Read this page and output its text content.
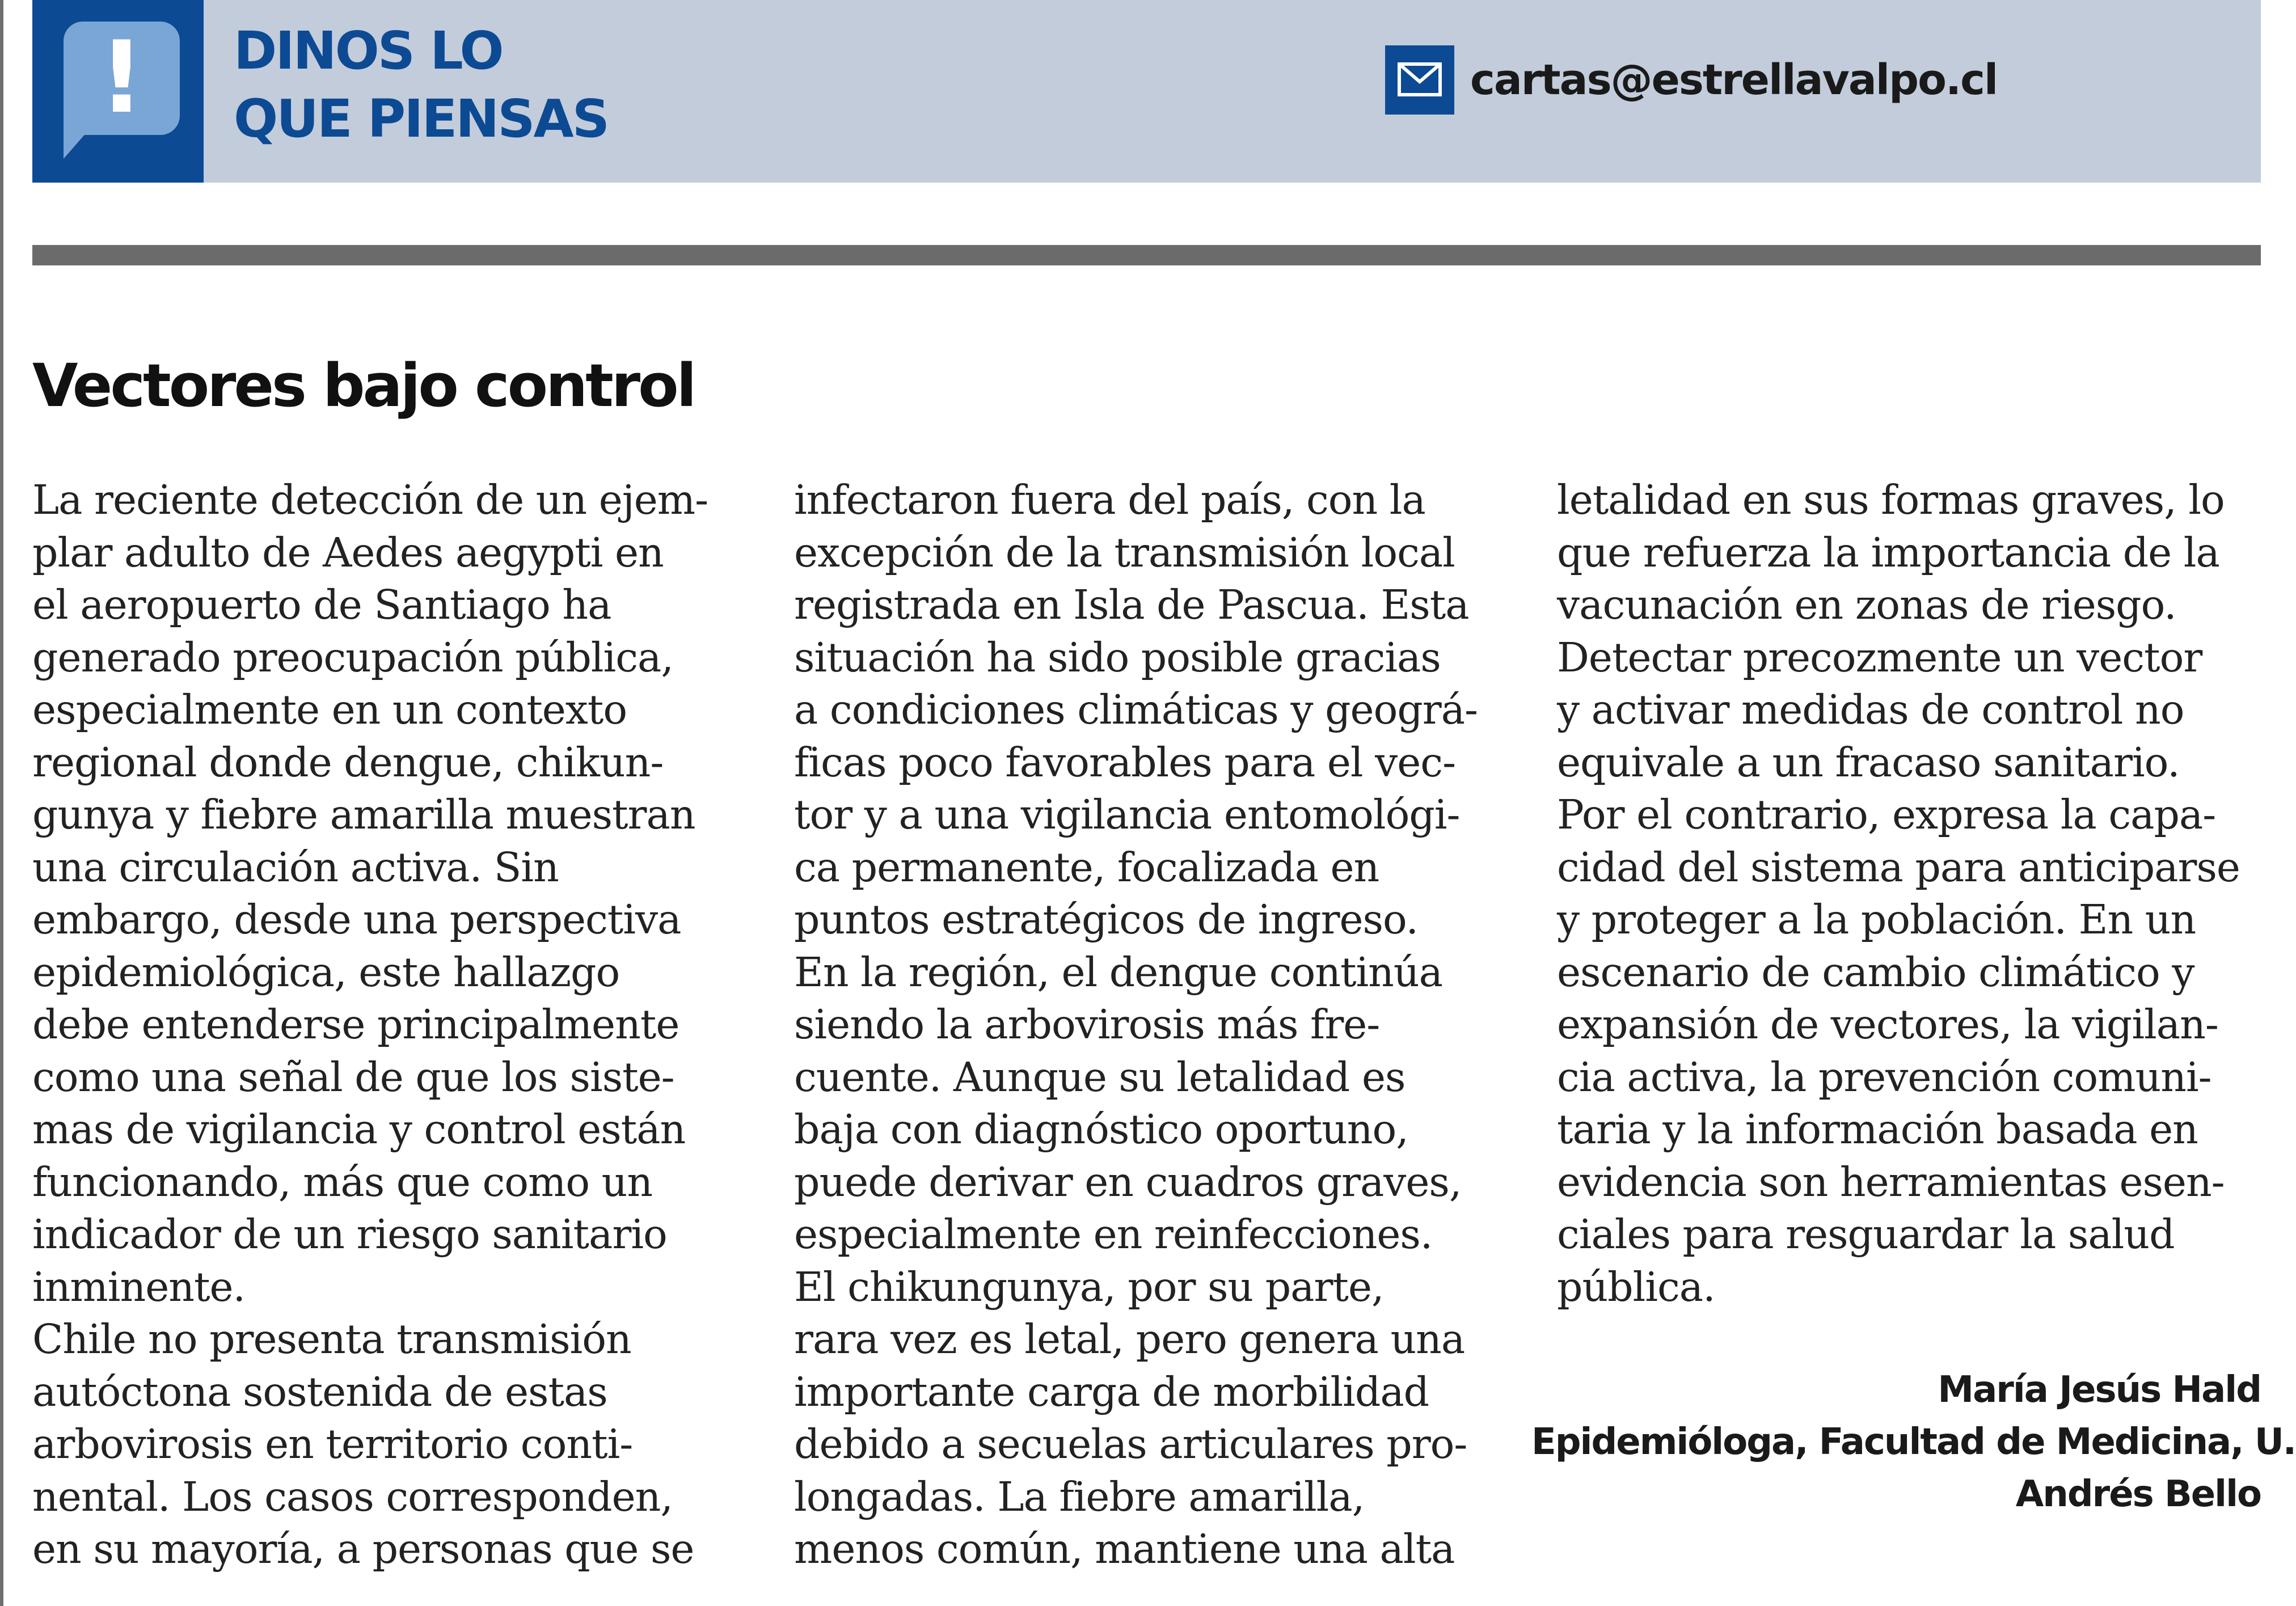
!	DINOS LO
QUE PIENSAS
cartas@estrellavalpo.cl
Vectores bajo control
La reciente detección de un ejem-
plar adulto de Aedes aegypti en
el aeropuerto de Santiago ha
generado preocupación pública,
especialmente en un contexto
regional donde dengue, chikun-
gunya y fiebre amarilla muestran
una circulación activa. Sin
embargo, desde una perspectiva
epidemiológica, este hallazgo
debe entenderse principalmente
como una señal de que los siste-
mas de vigilancia y control están
funcionando, más que como un
indicador de un riesgo sanitario
inminente.
Chile no presenta transmisión
autóctona sostenida de estas
arbovirosis en territorio conti-
nental. Los casos corresponden,
en su mayoría, a personas que se
infectaron fuera del país, con la
excepción de la transmisión local
registrada en Isla de Pascua. Esta
situación ha sido posible gracias
a condiciones climáticas y geográ-
ficas poco favorables para el vec-
tor y a una vigilancia entomológi-
ca permanente, focalizada en
puntos estratégicos de ingreso.
En la región, el dengue continúa
siendo la arbovirosis más fre-
cuente. Aunque su letalidad es
baja con diagnóstico oportuno,
puede derivar en cuadros graves,
especialmente en reinfecciones.
El chikungunya, por su parte,
rara vez es letal, pero genera una
importante carga de morbilidad
debido a secuelas articulares pro-
longadas. La fiebre amarilla,
menos común, mantiene una alta
letalidad en sus formas graves, lo
que refuerza la importancia de la
vacunación en zonas de riesgo.
Detectar precozmente un vector
y activar medidas de control no
equivale a un fracaso sanitario.
Por el contrario, expresa la capa-
cidad del sistema para anticiparse
y proteger a la población. En un
escenario de cambio climático y
expansión de vectores, la vigilan-
cia activa, la prevención comuni-
taria y la información basada en
evidencia son herramientas esen-
ciales para resguardar la salud
pública.
María Jesús Hald
Epidemióloga, Facultad de Medicina, U.
Andrés Bello
